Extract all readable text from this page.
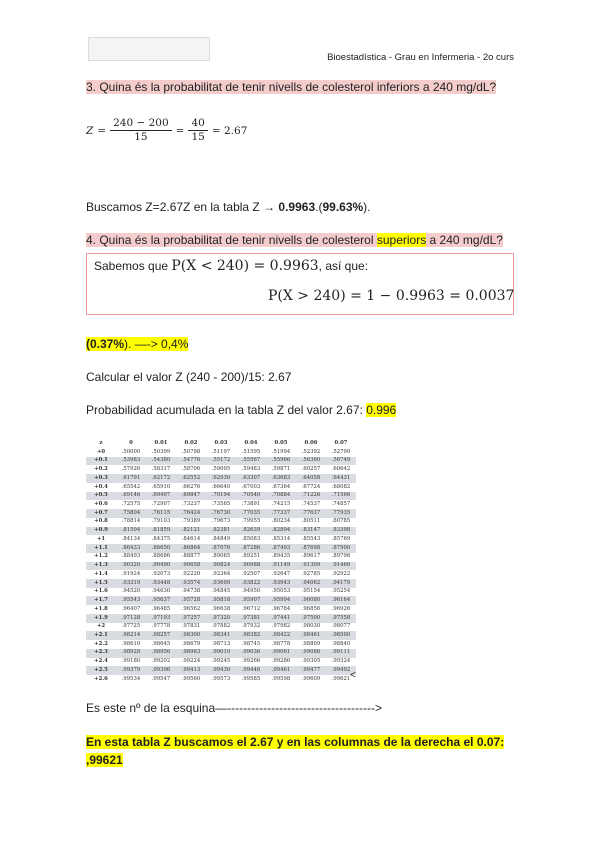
Bioestadística - Grau en Infermeria - 2o curs
3. Quina és la probabilitat de tenir nivells de colesterol inferiors a 240 mg/dL?
$Z = \frac{240 - 200}{15} = \frac{40}{15} = 2.67$
Buscamos Z=2.67Z en la tabla Z → 0.9963.(99.63%).
4. Quina és la probabilitat de tenir nivells de colesterol superiors a 240 mg/dL?
Sabemos que P(X < 240) = 0.9963, así que:
P(X > 240) = 1 − 0.9963 = 0.0037
(0.37%). —-> 0,4%
Calcular el valor Z (240 - 200)/15: 2.67
Probabilidad acumulada en la tabla Z del valor 2.67: 0.996
z	0	0.01	0.02	0.03	0.04	0.05	0.06	0.07
+0	.50000	.50399	.50798	.51197	.51595	.51994	.52392	.52790
+0.1	.53983	.54380	.54776	.55172	.55567	.55966	.56360	.56749
+0.2	.57926	.58317	.58706	.59095	.59483	.59871	.60257	.60642
+0.3	.61791	.62172	.62552	.62930	.63307	.63683	.64058	.64431
+0.4	.65542	.65910	.66276	.66640	.67003	.67364	.67724	.68082
+0.5	.69146	.69497	.69847	.70194	.70540	.70884	.71226	.71566
+0.6	.72575	.72907	.73237	.73565	.73891	.74215	.74537	.74857
+0.7	.75804	.76115	.76424	.76730	.77035	.77337	.77637	.77935
+0.8	.78814	.79103	.79389	.79673	.79955	.80234	.80511	.80785
+0.9	.81594	.81859	.82121	.82381	.82639	.82894	.83147	.83398
+1	.84134	.84375	.84614	.84849	.85083	.85314	.85543	.85769
+1.1	.86433	.86650	.86864	.87076	.87286	.87493	.87698	.87900
+1.2	.88493	.88686	.88877	.89065	.89251	.89435	.89617	.89796
+1.3	.90320	.90490	.90658	.90824	.90988	.91149	.91309	.91466
+1.4	.91924	.92073	.92220	.92364	.92507	.92647	.92785	.92922
+1.5	.93319	.93448	.93574	.93699	.93822	.93943	.94062	.94179
+1.6	.94520	.94630	.94738	.94845	.94950	.95053	.95154	.95254
+1.7	.95543	.95637	.95728	.95818	.95907	.95994	.96080	.96164
+1.8	.96407	.96485	.96562	.96638	.96712	.96784	.96856	.96926
+1.9	.97128	.97193	.97257	.97320	.97381	.97441	.97500	.97558
+2	.97725	.97778	.97831	.97882	.97932	.97982	.98030	.98077
+2.1	.98214	.98257	.98300	.98341	.98382	.98422	.98461	.98500
+2.2	.98610	.98645	.98679	.98713	.98745	.98778	.98809	.98840
+2.3	.98928	.98956	.98983	.99010	.99036	.99061	.99086	.99111
+2.4	.99180	.99202	.99224	.99245	.99266	.99286	.99305	.99324
+2.5	.99379	.99396	.99413	.99430	.99446	.99461	.99477	.99492
+2.6	.99534	.99547	.99560	.99573	.99585	.99598	.99609	.99621 <
Es este nº de la esquina—------------------------------------->
En esta tabla Z buscamos el 2.67 y en las columnas de la derecha el 0.07: ,99621
